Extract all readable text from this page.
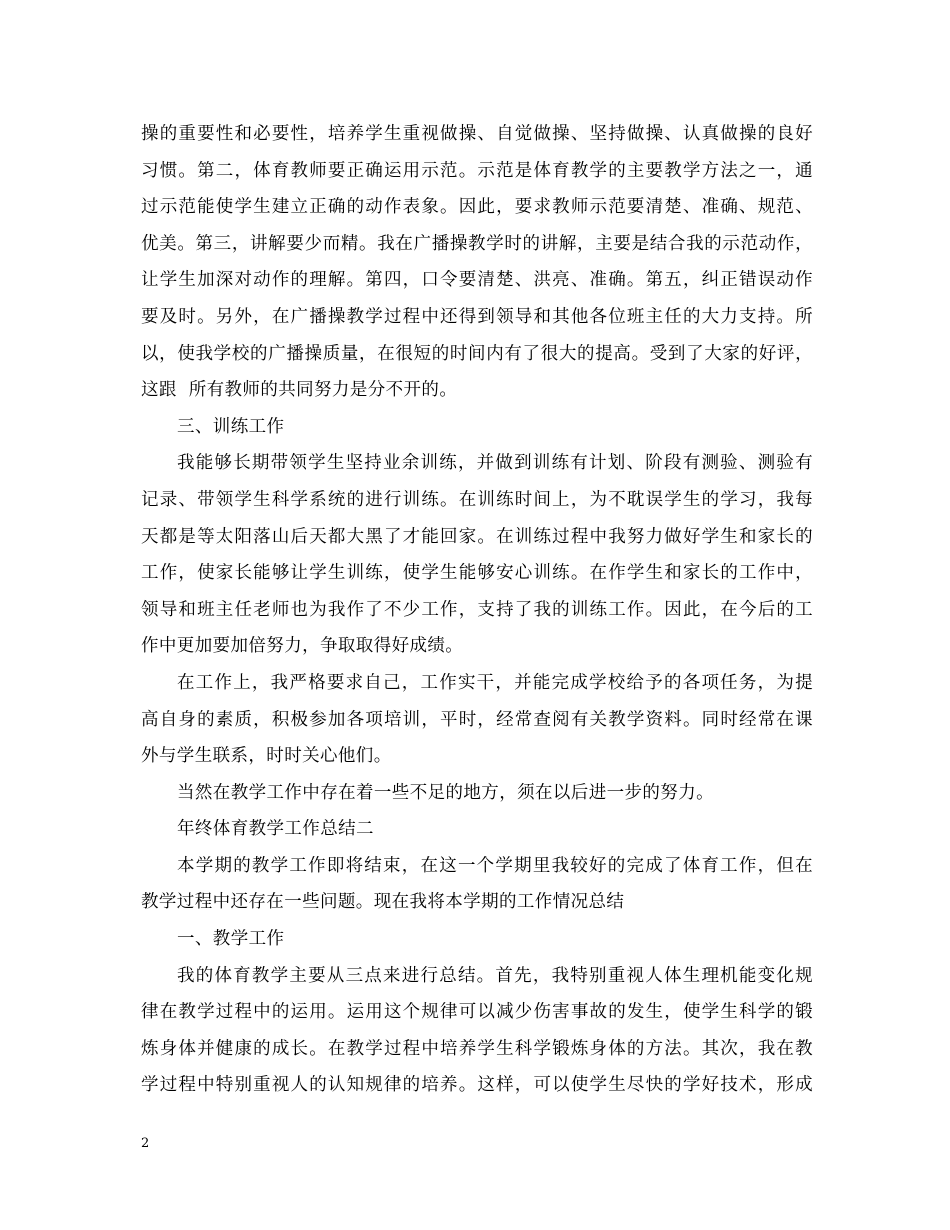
操的重要性和必要性，培养学生重视做操、自觉做操、坚持做操、认真做操的良好
习惯。第二，体育教师要正确运用示范。示范是体育教学的主要教学方法之一，通
过示范能使学生建立正确的动作表象。因此，要求教师示范要清楚、准确、规范、
优美。第三，讲解要少而精。我在广播操教学时的讲解，主要是结合我的示范动作，
让学生加深对动作的理解。第四，口令要清楚、洪亮、准确。第五，纠正错误动作
要及时。另外，在广播操教学过程中还得到领导和其他各位班主任的大力支持。所
以，使我学校的广播操质量，在很短的时间内有了很大的提高。受到了大家的好评，
这跟  所有教师的共同努力是分不开的。
三、训练工作
我能够长期带领学生坚持业余训练，并做到训练有计划、阶段有测验、测验有
记录、带领学生科学系统的进行训练。在训练时间上，为不耽误学生的学习，我每
天都是等太阳落山后天都大黑了才能回家。在训练过程中我努力做好学生和家长的
工作，使家长能够让学生训练，使学生能够安心训练。在作学生和家长的工作中，
领导和班主任老师也为我作了不少工作，支持了我的训练工作。因此，在今后的工
作中更加要加倍努力，争取取得好成绩。
在工作上，我严格要求自己，工作实干，并能完成学校给予的各项任务，为提
高自身的素质，积极参加各项培训，平时，经常查阅有关教学资料。同时经常在课
外与学生联系，时时关心他们。
当然在教学工作中存在着一些不足的地方，须在以后进一步的努力。
年终体育教学工作总结二
本学期的教学工作即将结束，在这一个学期里我较好的完成了体育工作，但在
教学过程中还存在一些问题。现在我将本学期的工作情况总结
一、教学工作
我的体育教学主要从三点来进行总结。首先，我特别重视人体生理机能变化规
律在教学过程中的运用。运用这个规律可以减少伤害事故的发生，使学生科学的锻
炼身体并健康的成长。在教学过程中培养学生科学锻炼身体的方法。其次，我在教
学过程中特别重视人的认知规律的培养。这样，可以使学生尽快的学好技术，形成
2
